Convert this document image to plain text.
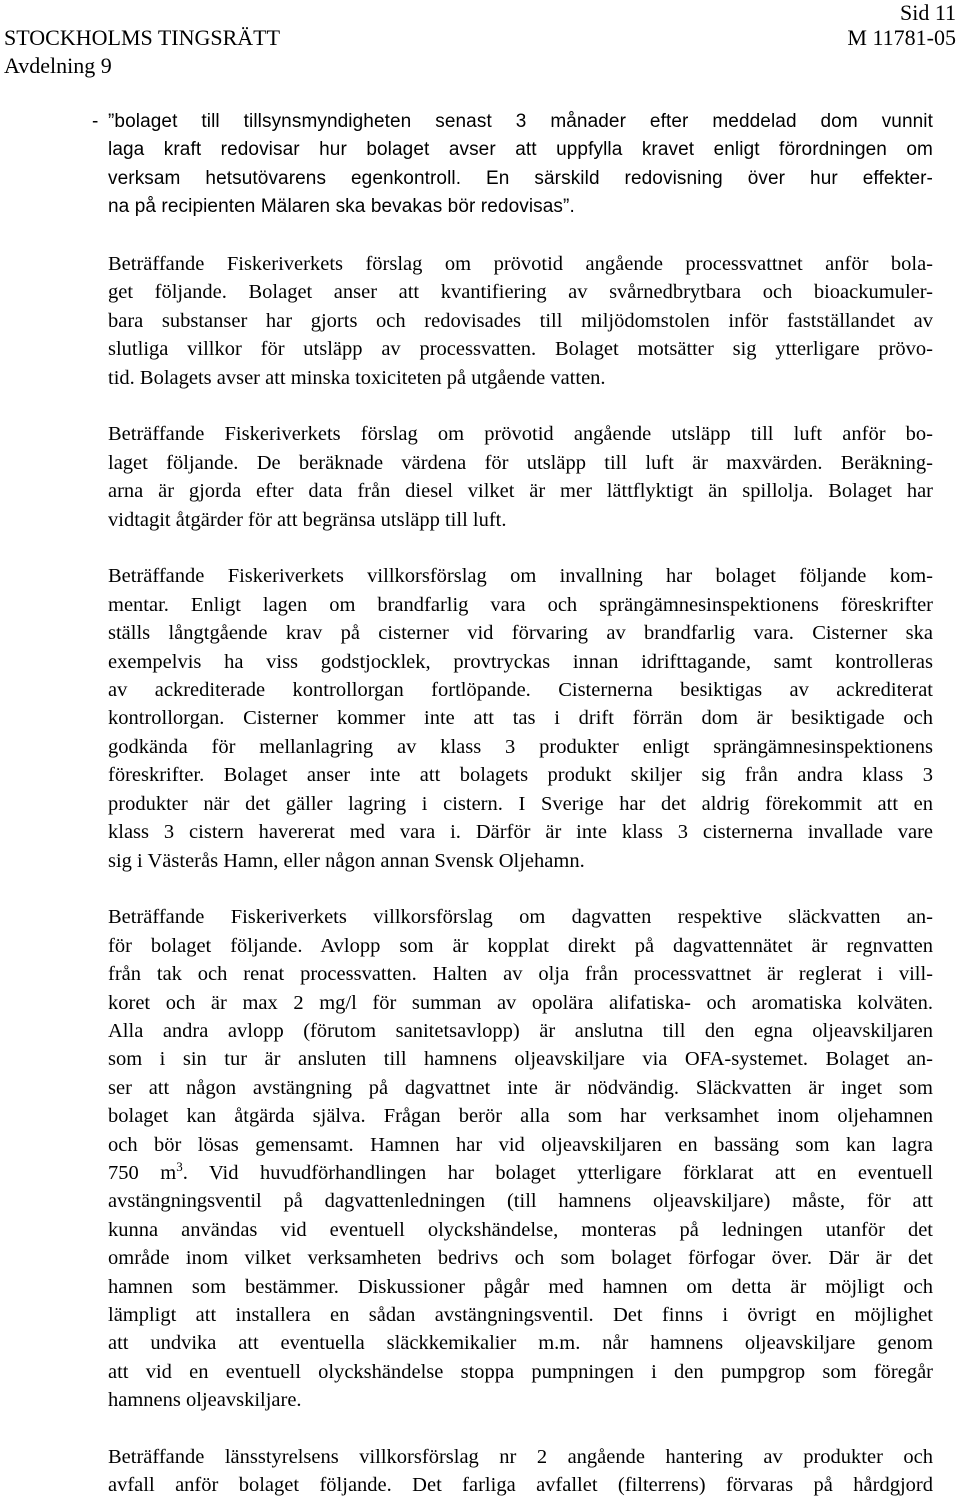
Sid 11
STOCKHOLMS TINGSRÄTT	M 11781-05
Avdelning 9
- ”bolaget till tillsynsmyndigheten senast 3 månader efter meddelad dom vunnit
laga kraft redovisar hur bolaget avser att uppfylla kravet enligt förordningen om
verksam hetsutövarens egenkontroll. En särskild redovisning över hur effekter-
na på recipienten Mälaren ska bevakas bör redovisas”.
Beträffande Fiskeriverkets förslag om prövotid angående processvattnet anför bola-
get följande. Bolaget anser att kvantifiering av svårnedbrytbara och bioackumuler-
bara substanser har gjorts och redovisades till miljödomstolen inför fastställandet av
slutliga villkor för utsläpp av processvatten. Bolaget motsätter sig ytterligare prövo-
tid. Bolagets avser att minska toxiciteten på utgående vatten.
Beträffande Fiskeriverkets förslag om prövotid angående utsläpp till luft anför bo-
laget följande. De beräknade värdena för utsläpp till luft är maxvärden. Beräkning-
arna är gjorda efter data från diesel vilket är mer lättflyktigt än spillolja. Bolaget har
vidtagit åtgärder för att begränsa utsläpp till luft.
Beträffande Fiskeriverkets villkorsförslag om invallning har bolaget följande kom-
mentar. Enligt lagen om brandfarlig vara och sprängämnesinspektionens föreskrifter
ställs långtgående krav på cisterner vid förvaring av brandfarlig vara. Cisterner ska
exempelvis ha viss godstjocklek, provtryckas innan idrifttagande, samt kontrolleras
av ackrediterade kontrollorgan fortlöpande. Cisternerna besiktigas av ackrediterat
kontrollorgan. Cisterner kommer inte att tas i drift förrän dom är besiktigade och
godkända för mellanlagring av klass 3 produkter enligt sprängämnesinspektionens
föreskrifter. Bolaget anser inte att bolagets produkt skiljer sig från andra klass 3
produkter när det gäller lagring i cistern. I Sverige har det aldrig förekommit att en
klass 3 cistern havererat med vara i. Därför är inte klass 3 cisternerna invallade vare
sig i Västerås Hamn, eller någon annan Svensk Oljehamn.
Beträffande Fiskeriverkets villkorsförslag om dagvatten respektive släckvatten an-
för bolaget följande. Avlopp som är kopplat direkt på dagvattennätet är regnvatten
från tak och renat processvatten. Halten av olja från processvattnet är reglerat i vill-
koret och är max 2 mg/l för summan av opolära alifatiska- och aromatiska kolväten.
Alla andra avlopp (förutom sanitetsavlopp) är anslutna till den egna oljeavskiljaren
som i sin tur är ansluten till hamnens oljeavskiljare via OFA-systemet. Bolaget an-
ser att någon avstängning på dagvattnet inte är nödvändig. Släckvatten är inget som
bolaget kan åtgärda själva. Frågan berör alla som har verksamhet inom oljehamnen
och bör lösas gemensamt. Hamnen har vid oljeavskiljaren en bassäng som kan lagra
750 $m^3$. Vid huvudförhandlingen har bolaget ytterligare förklarat att en eventuell
avstängningsventil på dagvattenledningen (till hamnens oljeavskiljare) måste, för att
kunna användas vid eventuell olyckshändelse, monteras på ledningen utanför det
område inom vilket verksamheten bedrivs och som bolaget förfogar över. Där är det
hamnen som bestämmer. Diskussioner pågår med hamnen om detta är möjligt och
lämpligt att installera en sådan avstängningsventil. Det finns i övrigt en möjlighet
att undvika att eventuella släckkemikalier m.m. når hamnens oljeavskiljare genom
att vid en eventuell olyckshändelse stoppa pumpningen i den pumpgrop som föregår
hamnens oljeavskiljare.
Beträffande länsstyrelsens villkorsförslag nr 2 angående hantering av produkter och
avfall anför bolaget följande. Det farliga avfallet (filterrens) förvaras på hårdgjord
